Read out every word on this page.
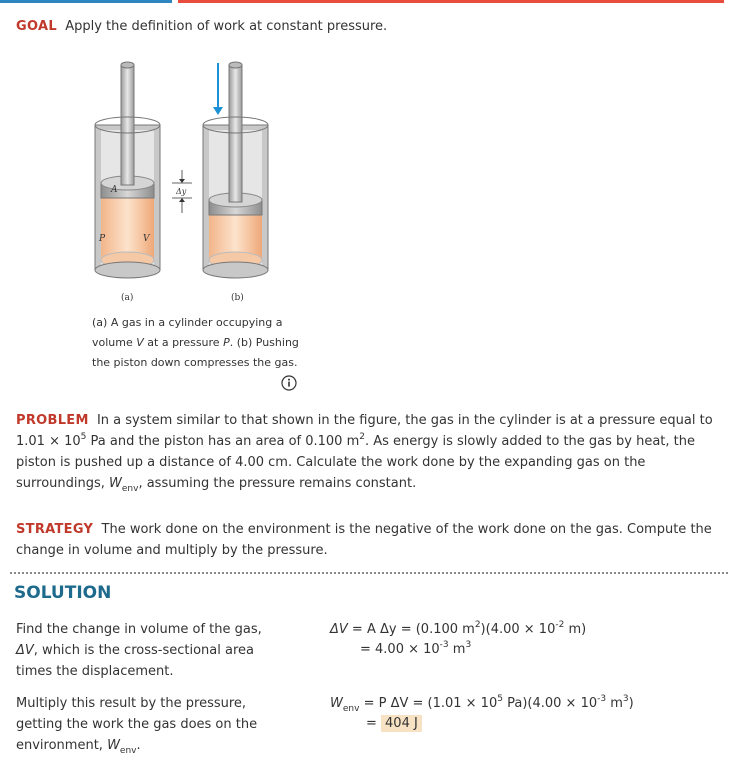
GOAL Apply the definition of work at constant pressure.
A
P	V
Δy
(a)	(b)
(a) A gas in a cylinder occupying a volume V at a pressure P. (b) Pushing the piston down compresses the gas.
PROBLEM In a system similar to that shown in the figure, the gas in the cylinder is at a pressure equal to $1.01 \times 10^5$ Pa and the piston has an area of 0.100 $m^2$. As energy is slowly added to the gas by heat, the piston is pushed up a distance of 4.00 cm. Calculate the work done by the expanding gas on the surroundings, $W_{env}$, assuming the pressure remains constant.
STRATEGY The work done on the environment is the negative of the work done on the gas. Compute the change in volume and multiply by the pressure.
SOLUTION
Find the change in volume of the gas, ΔV, which is the cross-sectional area times the displacement.
ΔV = A Δy = (0.100 $m^2)(4.00 \times 10^{-2}$ m)
= $4.00 \times 10^{-3}$ $m^3$
Multiply this result by the pressure, getting the work the gas does on the environment, $W_{env}$.
$W_{env} = P$ $\Delta V = (1.01 \times 10^5$ $Pa)(4.00 \times 10^{-3}$ $m^3$)
= 404 J
